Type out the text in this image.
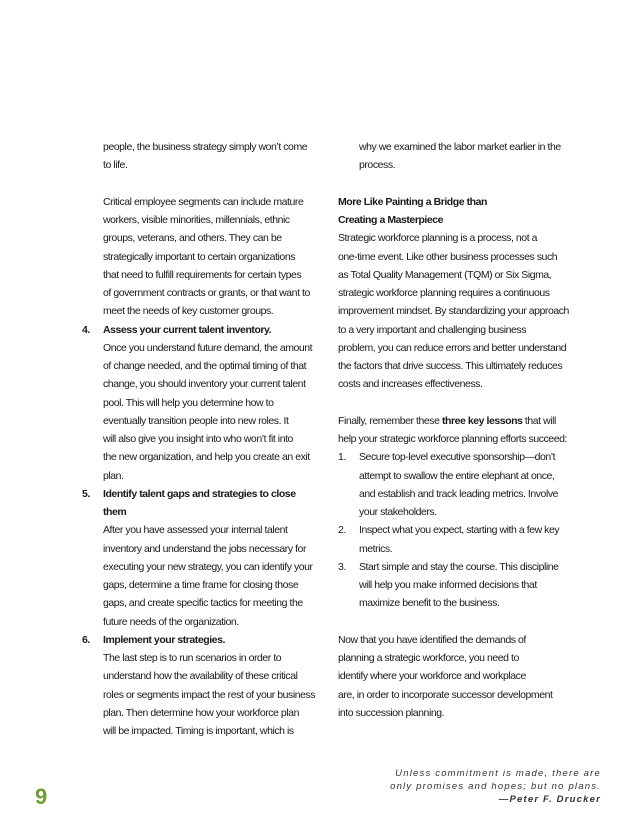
people, the business strategy simply won’t come
to life.
Critical employee segments can include mature
workers, visible minorities, millennials, ethnic
groups, veterans, and others. They can be
strategically important to certain organizations
that need to fulfill requirements for certain types
of government contracts or grants, or that want to
meet the needs of key customer groups.
4. Assess your current talent inventory.
Once you understand future demand, the amount
of change needed, and the optimal timing of that
change, you should inventory your current talent
pool. This will help you determine how to
eventually transition people into new roles. It
will also give you insight into who won’t fit into
the new organization, and help you create an exit
plan.
5. Identify talent gaps and strategies to close
them
After you have assessed your internal talent
inventory and understand the jobs necessary for
executing your new strategy, you can identify your
gaps, determine a time frame for closing those
gaps, and create specific tactics for meeting the
future needs of the organization.
6. Implement your strategies.
The last step is to run scenarios in order to
understand how the availability of these critical
roles or segments impact the rest of your business
plan. Then determine how your workforce plan
will be impacted. Timing is important, which is
why we examined the labor market earlier in the
process.
More Like Painting a Bridge than
Creating a Masterpiece
Strategic workforce planning is a process, not a
one-time event. Like other business processes such
as Total Quality Management (TQM) or Six Sigma,
strategic workforce planning requires a continuous
improvement mindset. By standardizing your approach
to a very important and challenging business
problem, you can reduce errors and better understand
the factors that drive success. This ultimately reduces
costs and increases effectiveness.
Finally, remember these three key lessons that will
help your strategic workforce planning efforts succeed:
1. Secure top-level executive sponsorship—don’t
attempt to swallow the entire elephant at once,
and establish and track leading metrics. Involve
your stakeholders.
2. Inspect what you expect, starting with a few key
metrics.
3. Start simple and stay the course. This discipline
will help you make informed decisions that
maximize benefit to the business.
Now that you have identified the demands of
planning a strategic workforce, you need to
identify where your workforce and workplace
are, in order to incorporate successor development
into succession planning.
Unless commitment is made, there are
only promises and hopes; but no plans.
—Peter F. Drucker
9
